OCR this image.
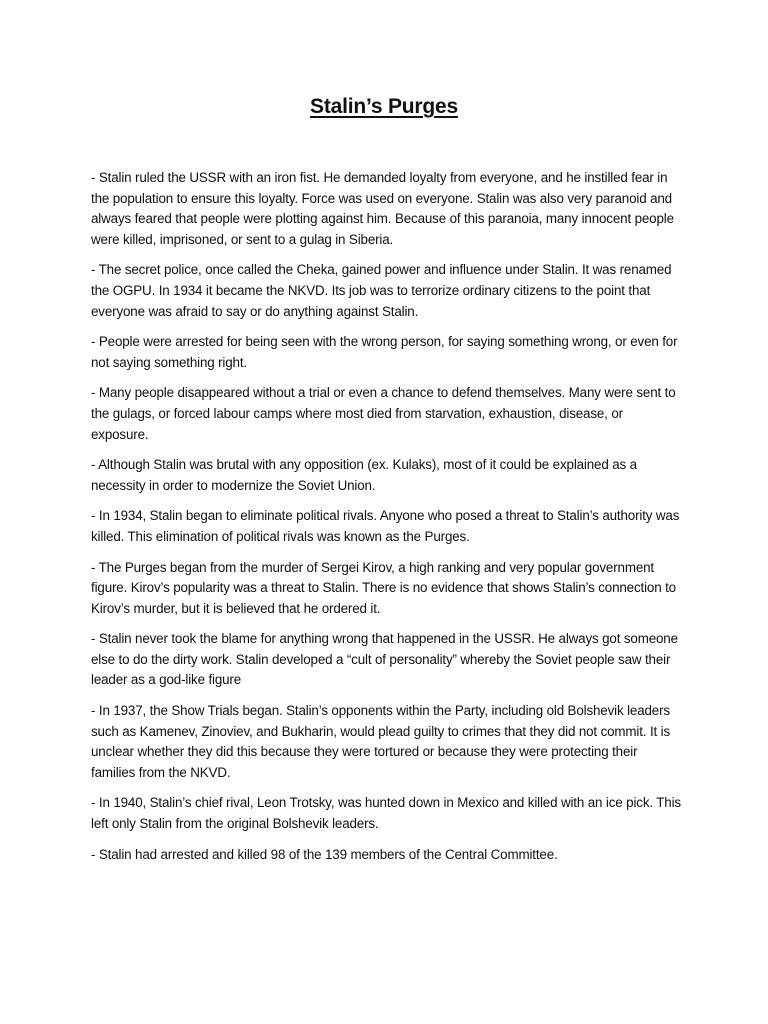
Stalin’s Purges

- Stalin ruled the USSR with an iron fist. He demanded loyalty from everyone, and he instilled fear in the population to ensure this loyalty. Force was used on everyone. Stalin was also very paranoid and always feared that people were plotting against him. Because of this paranoia, many innocent people were killed, imprisoned, or sent to a gulag in Siberia.

- The secret police, once called the Cheka, gained power and influence under Stalin. It was renamed the OGPU. In 1934 it became the NKVD. Its job was to terrorize ordinary citizens to the point that everyone was afraid to say or do anything against Stalin.

- People were arrested for being seen with the wrong person, for saying something wrong, or even for not saying something right.

- Many people disappeared without a trial or even a chance to defend themselves. Many were sent to the gulags, or forced labour camps where most died from starvation, exhaustion, disease, or exposure.

- Although Stalin was brutal with any opposition (ex. Kulaks), most of it could be explained as a necessity in order to modernize the Soviet Union.

- In 1934, Stalin began to eliminate political rivals. Anyone who posed a threat to Stalin’s authority was killed. This elimination of political rivals was known as the Purges.

- The Purges began from the murder of Sergei Kirov, a high ranking and very popular government figure. Kirov’s popularity was a threat to Stalin. There is no evidence that shows Stalin’s connection to Kirov’s murder, but it is believed that he ordered it.

- Stalin never took the blame for anything wrong that happened in the USSR. He always got someone else to do the dirty work. Stalin developed a “cult of personality” whereby the Soviet people saw their leader as a god-like figure

- In 1937, the Show Trials began. Stalin’s opponents within the Party, including old Bolshevik leaders such as Kamenev, Zinoviev, and Bukharin, would plead guilty to crimes that they did not commit. It is unclear whether they did this because they were tortured or because they were protecting their families from the NKVD.

- In 1940, Stalin’s chief rival, Leon Trotsky, was hunted down in Mexico and killed with an ice pick. This left only Stalin from the original Bolshevik leaders.

- Stalin had arrested and killed 98 of the 139 members of the Central Committee.
